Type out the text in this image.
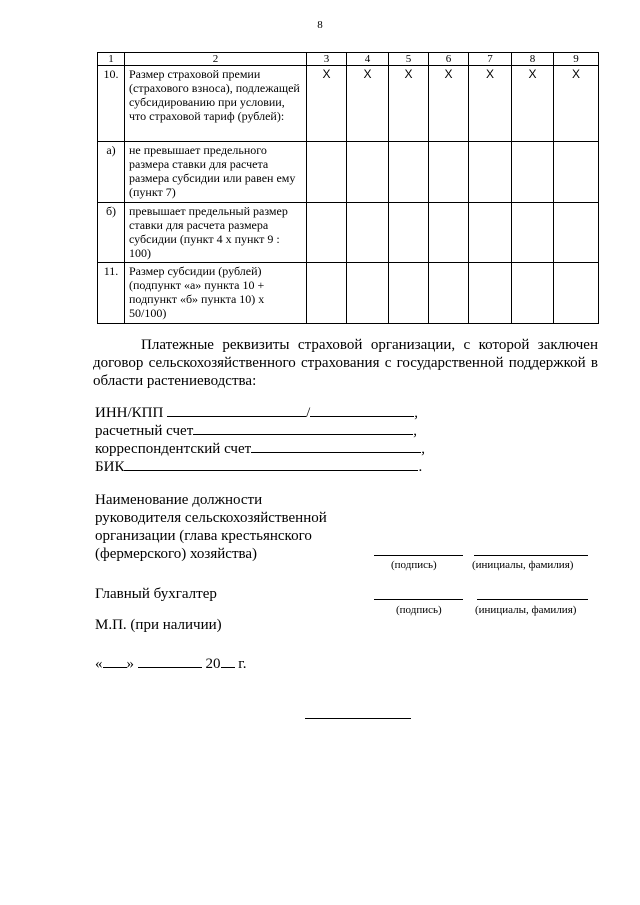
8
1	2	3	4	5	6	7	8	9
10.	Размер страховой премии (страхового взноса), подлежащей субсидированию при условии, что страховой тариф (рублей):	Х	Х	Х	Х	Х	Х	Х
а)	не превышает предельного размера ставки для расчета размера субсидии или равен ему (пункт 7)							
б)	превышает предельный размер ставки для расчета размера субсидии (пункт 4 х пункт 9 : 100)							
11.	Размер субсидии (рублей) (подпункт «а» пункта 10 + подпункт «б» пункта 10) х 50/100)							
Платежные реквизиты страховой организации, с которой заключен договор сельскохозяйственного страхования с государственной поддержкой в области растениеводства:
ИНН/КПП	/	,
расчетный счет	,
корреспондентский счет	,
БИК	.
Наименование должности руководителя сельскохозяйственной организации (глава крестьянского (фермерского) хозяйства)
(подпись)	(инициалы, фамилия)
Главный бухгалтер
(подпись)	(инициалы, фамилия)
М.П. (при наличии)
« »	20 г.
